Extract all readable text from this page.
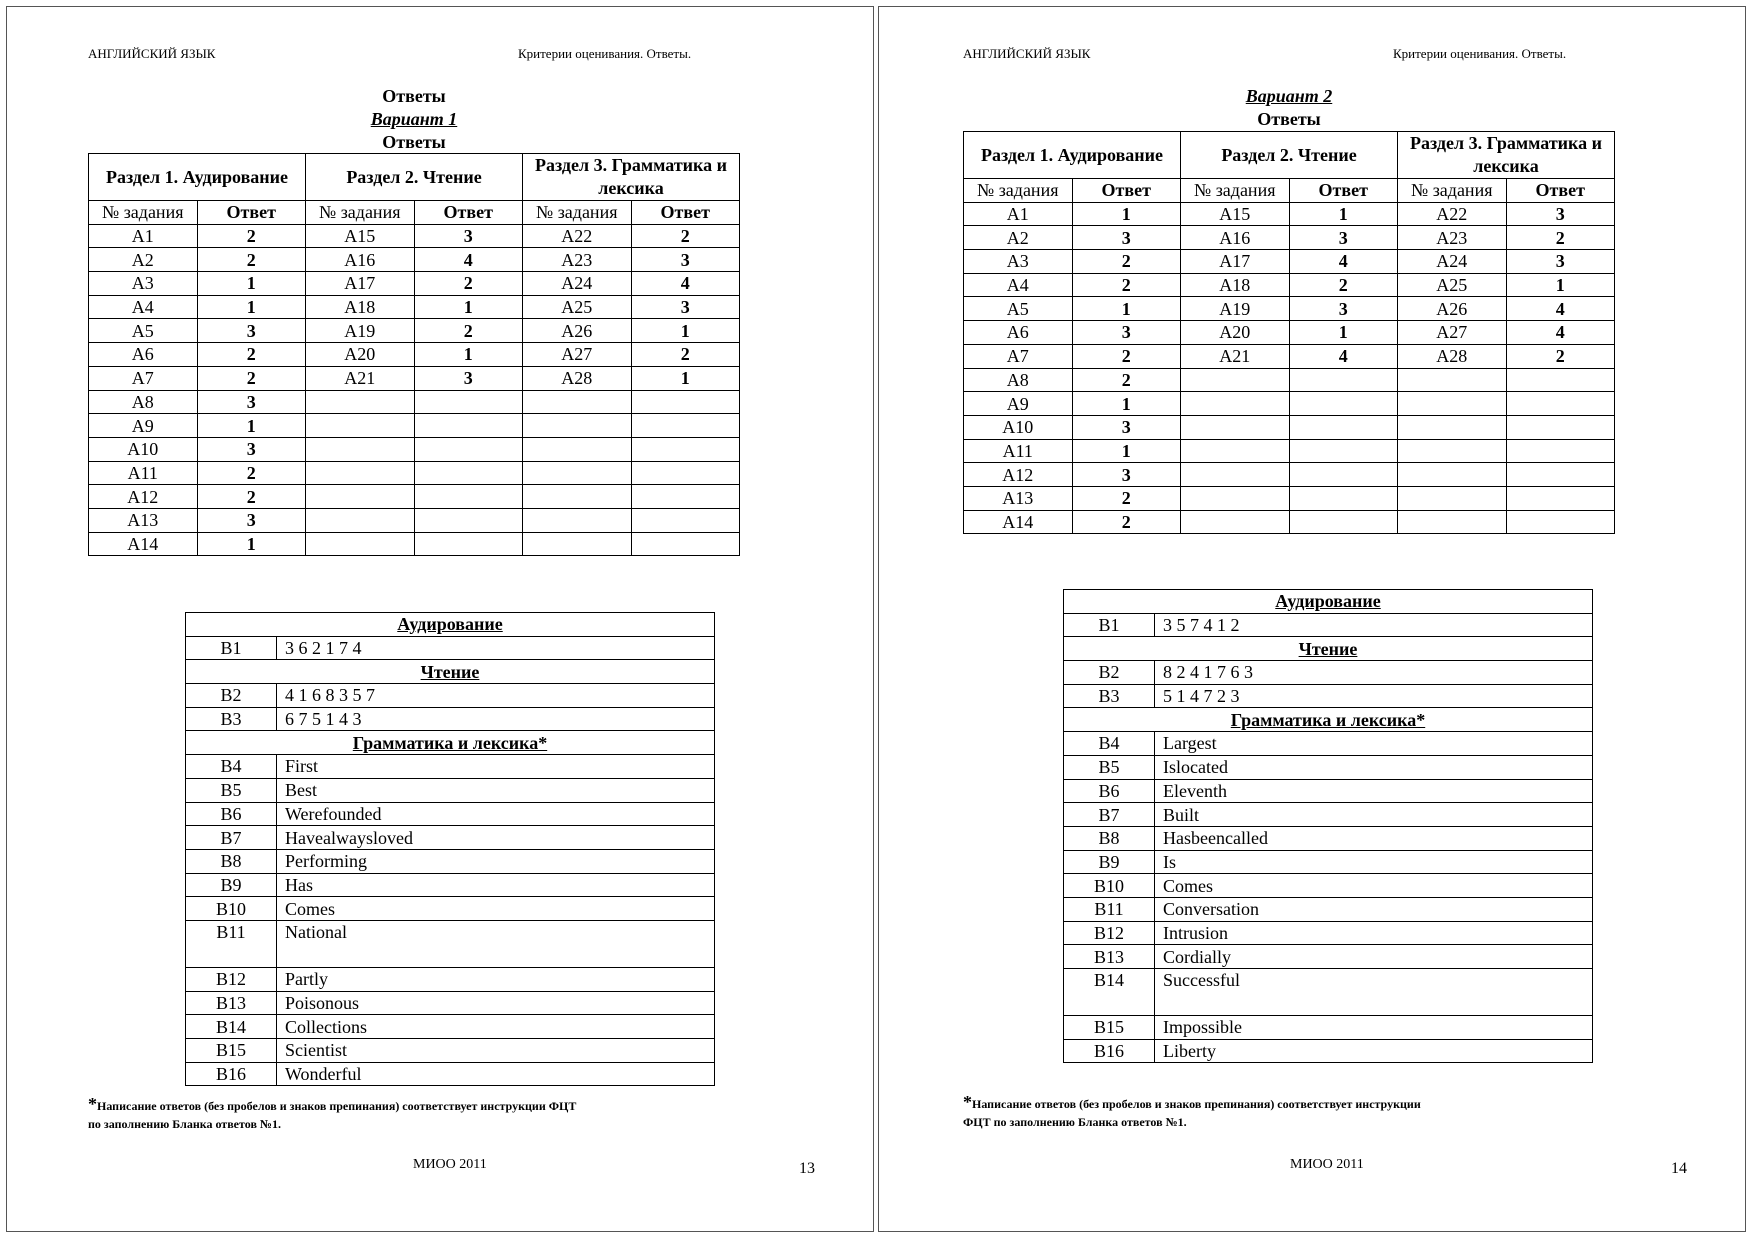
АНГЛИЙСКИЙ ЯЗЫК	Критерии оценивания. Ответы.
Ответы
Вариант 1
Ответы
Раздел 1. Аудирование		Раздел 2. Чтение		Раздел 3. Грамматика и лексика	
№ задания	Ответ	№ задания	Ответ	№ задания	Ответ
A1	2	A15	3	A22	2
A2	2	A16	4	A23	3
A3	1	A17	2	A24	4
A4	1	A18	1	A25	3
A5	3	A19	2	A26	1
A6	2	A20	1	A27	2
A7	2	A21	3	A28	1
A8	3				
A9	1				
A10	3				
A11	2				
A12	2				
A13	3				
A14	1				
Аудирование	
B1	3 6 2 1 7 4
Чтение	
B2	4 1 6 8 3 5 7
B3	6 7 5 1 4 3
Грамматика и лексика*	
B4	First
B5	Best
B6	Werefounded
B7	Havealwaysloved
B8	Performing
B9	Has
B10	Comes
B11	National
B12	Partly
B13	Poisonous
B14	Collections
B15	Scientist
B16	Wonderful
*Написание ответов (без пробелов и знаков препинания) соответствует инструкции ФЦТ
по заполнению Бланка ответов №1.
МИОО 2011	13
АНГЛИЙСКИЙ ЯЗЫК	Критерии оценивания. Ответы.
Вариант 2
Ответы
Раздел 1. Аудирование		Раздел 2. Чтение		Раздел 3. Грамматика и лексика	
№ задания	Ответ	№ задания	Ответ	№ задания	Ответ
A1	1	A15	1	A22	3
A2	3	A16	3	A23	2
A3	2	A17	4	A24	3
A4	2	A18	2	A25	1
A5	1	A19	3	A26	4
A6	3	A20	1	A27	4
A7	2	A21	4	A28	2
A8	2				
A9	1				
A10	3				
A11	1				
A12	3				
A13	2				
A14	2				
Аудирование	
B1	3 5 7 4 1 2
Чтение	
B2	8 2 4 1 7 6 3
B3	5 1 4 7 2 3
Грамматика и лексика*	
B4	Largest
B5	Islocated
B6	Eleventh
B7	Built
B8	Hasbeencalled
B9	Is
B10	Comes
B11	Conversation
B12	Intrusion
B13	Cordially
B14	Successful
B15	Impossible
B16	Liberty
*Написание ответов (без пробелов и знаков препинания) соответствует инструкции
ФЦТ по заполнению Бланка ответов №1.
МИОО 2011	14
